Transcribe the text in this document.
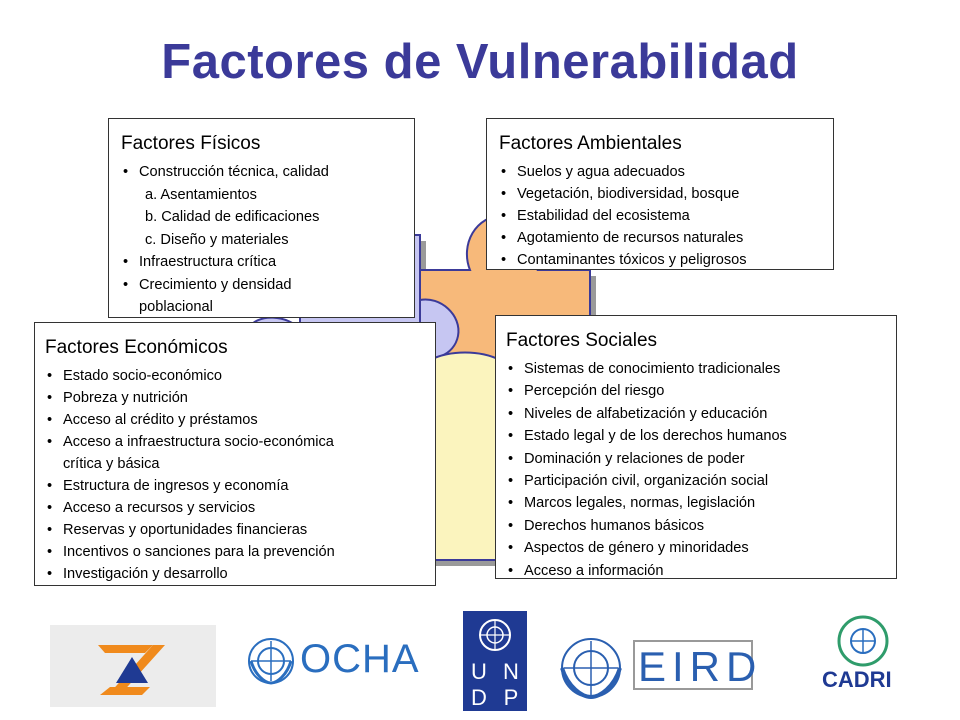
Factores de Vulnerabilidad
Factores Físicos
• Construcción técnica, calidad
a. Asentamientos
b. Calidad de edificaciones
c. Diseño y materiales
• Infraestructura crítica
• Crecimiento y densidad
poblacional
Factores Ambientales
• Suelos y agua adecuados
• Vegetación, biodiversidad, bosque
• Estabilidad del ecosistema
• Agotamiento de recursos naturales
• Contaminantes tóxicos y peligrosos
Factores Económicos
• Estado socio-económico
• Pobreza y nutrición
• Acceso al crédito y préstamos
• Acceso a infraestructura socio-económica
crítica y básica
• Estructura de ingresos y economía
• Acceso a recursos y servicios
• Reservas y oportunidades financieras
• Incentivos o sanciones para la prevención
• Investigación y desarrollo
Factores Sociales
• Sistemas de conocimiento tradicionales
• Percepción del riesgo
• Niveles de alfabetización y educación
• Estado legal y de los derechos humanos
• Dominación y relaciones de poder
• Participación civil, organización social
• Marcos legales, normas, legislación
• Derechos humanos básicos
• Aspectos de género y minoridades
• Acceso a información
OCHA	U N
D P
EIRD	CADRI
